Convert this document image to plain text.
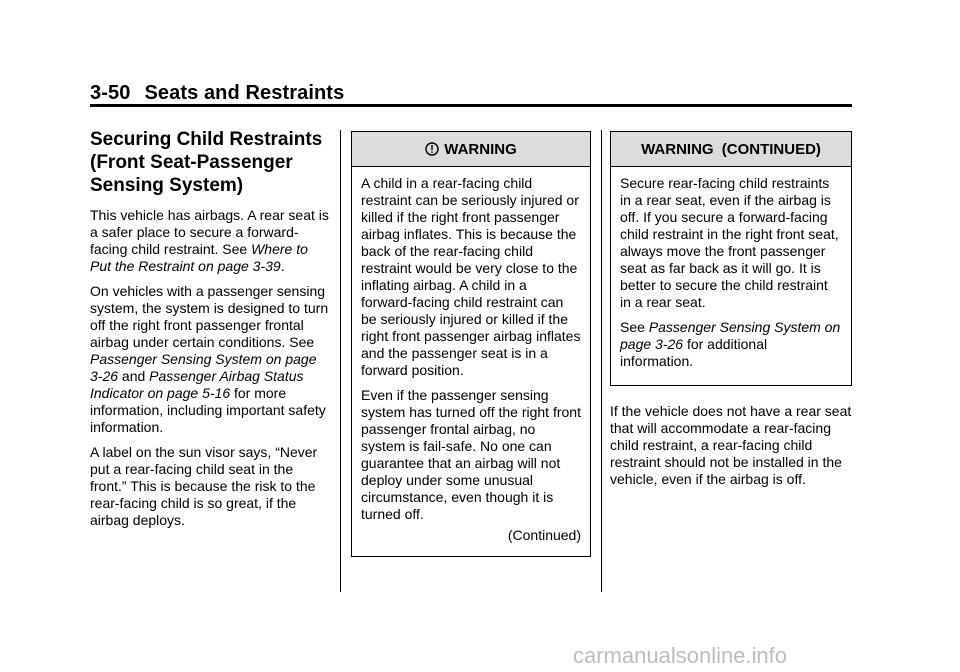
3-50 Seats and Restraints
Securing Child Restraints
(Front Seat-Passenger
Sensing System)

This vehicle has airbags. A rear seat is a safer place to secure a forward-facing child restraint. See Where to Put the Restraint on page 3-39.

On vehicles with a passenger sensing system, the system is designed to turn off the right front passenger frontal airbag under certain conditions. See Passenger Sensing System on page 3-26 and Passenger Airbag Status Indicator on page 5-16 for more information, including important safety information.

A label on the sun visor says, “Never put a rear-facing child seat in the front.” This is because the risk to the rear-facing child is so great, if the airbag deploys.

WARNING

A child in a rear-facing child restraint can be seriously injured or killed if the right front passenger airbag inflates. This is because the back of the rear-facing child restraint would be very close to the inflating airbag. A child in a forward-facing child restraint can be seriously injured or killed if the right front passenger airbag inflates and the passenger seat is in a forward position.

Even if the passenger sensing system has turned off the right front passenger frontal airbag, no system is fail-safe. No one can guarantee that an airbag will not deploy under some unusual circumstance, even though it is turned off.

(Continued)
WARNING (CONTINUED)

Secure rear-facing child restraints in a rear seat, even if the airbag is off. If you secure a forward-facing child restraint in the right front seat, always move the front passenger seat as far back as it will go. It is better to secure the child restraint in a rear seat.

See Passenger Sensing System on page 3-26 for additional information.

If the vehicle does not have a rear seat that will accommodate a rear-facing child restraint, a rear-facing child restraint should not be installed in the vehicle, even if the airbag is off.

carmanualsonline.info
